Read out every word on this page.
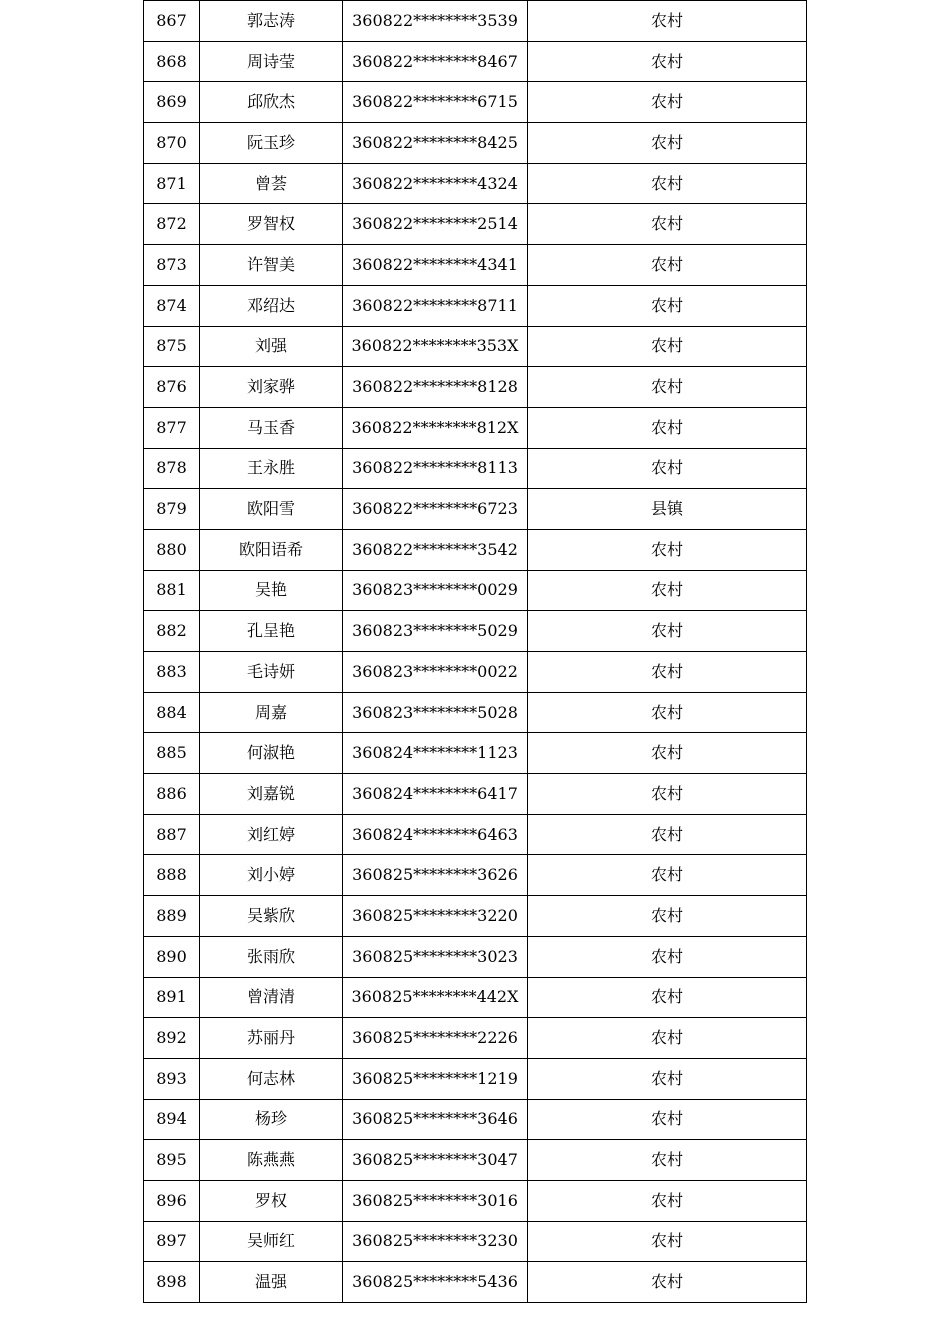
867	郭志涛	360822********3539	农村
868	周诗莹	360822********8467	农村
869	邱欣杰	360822********6715	农村
870	阮玉珍	360822********8425	农村
871	曾荟	360822********4324	农村
872	罗智权	360822********2514	农村
873	许智美	360822********4341	农村
874	邓绍达	360822********8711	农村
875	刘强	360822********353X	农村
876	刘家骅	360822********8128	农村
877	马玉香	360822********812X	农村
878	王永胜	360822********8113	农村
879	欧阳雪	360822********6723	县镇
880	欧阳语希	360822********3542	农村
881	吴艳	360823********0029	农村
882	孔呈艳	360823********5029	农村
883	毛诗妍	360823********0022	农村
884	周嘉	360823********5028	农村
885	何淑艳	360824********1123	农村
886	刘嘉锐	360824********6417	农村
887	刘红婷	360824********6463	农村
888	刘小婷	360825********3626	农村
889	吴紫欣	360825********3220	农村
890	张雨欣	360825********3023	农村
891	曾清清	360825********442X	农村
892	苏丽丹	360825********2226	农村
893	何志林	360825********1219	农村
894	杨珍	360825********3646	农村
895	陈燕燕	360825********3047	农村
896	罗权	360825********3016	农村
897	吴师红	360825********3230	农村
898	温强	360825********5436	农村
